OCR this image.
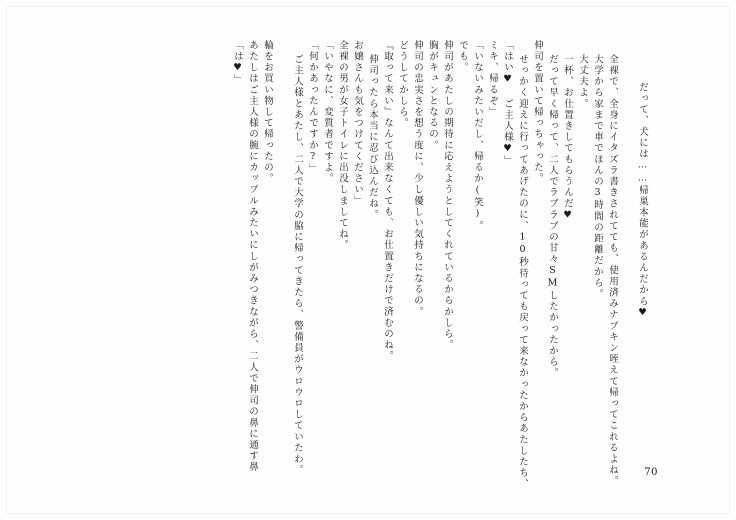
「は♥」 あたしはご主人様の腕にカップルみたいにしがみつきながら、二人で伸司の鼻に通す鼻 輪をお買い物して帰ったの。 ご主人様とあたし、二人で大学の脇に帰ってきたら、警備員がウロウロしていたわ。 「何かあったんですか?」 「いやなに、変質者ですよ。 全裸の男が女子トイレに出没しましてね。 お嬢さんも気をつけてください」 伸司ったら本当に忍び込んだね。 『取って来い』なんて出来なくても、お仕置きだけで済むのね。 どうしてかしら。 伸司の忠実さを想う度に、少し優しい気持ちになるの。 胸がキュンとなるの。 伸司があたしの期待に応えようとしてくれているからかしら。 でも。 「いないみたいだし、帰るか(笑)。 ミキ、帰るぞ」 「はい♥ ご主人様♥」 せっかく迎えに行ってあげたのに、10秒待っても戻って来なかったからあたしたち、 伸司を置いて帰っちゃった。 だって早く帰って、二人でラブラブの甘々SMしたかったから。 一杯、お仕置きしてもらうんだ♥ 大丈夫よ。 大学から家まで車でほんの3時間の距離だから。 全裸で、全身にイタズラ書きされてても、使用済みナプキン咥えて帰ってこれるよね。 だって、犬には……帰巣本能があるんだから♥
70
